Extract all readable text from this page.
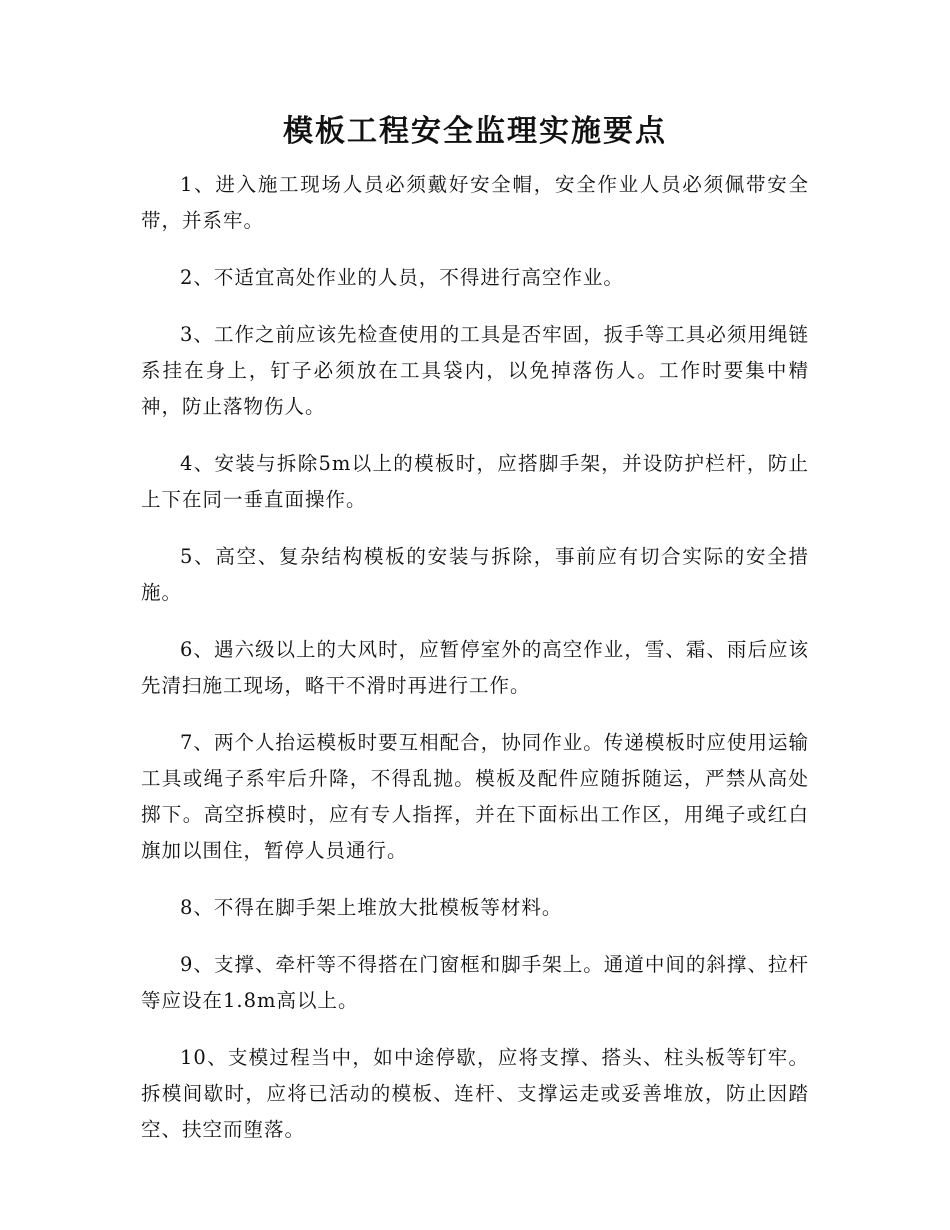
模板工程安全监理实施要点

1、进入施工现场人员必须戴好安全帽，安全作业人员必须佩带安全带，并系牢。

2、不适宜高处作业的人员，不得进行高空作业。

3、工作之前应该先检查使用的工具是否牢固，扳手等工具必须用绳链系挂在身上，钉子必须放在工具袋内，以免掉落伤人。工作时要集中精神，防止落物伤人。

4、安装与拆除5m以上的模板时，应搭脚手架，并设防护栏杆，防止上下在同一垂直面操作。

5、高空、复杂结构模板的安装与拆除，事前应有切合实际的安全措施。

6、遇六级以上的大风时，应暂停室外的高空作业，雪、霜、雨后应该先清扫施工现场，略干不滑时再进行工作。

7、两个人抬运模板时要互相配合，协同作业。传递模板时应使用运输工具或绳子系牢后升降，不得乱抛。模板及配件应随拆随运，严禁从高处掷下。高空拆模时，应有专人指挥，并在下面标出工作区，用绳子或红白旗加以围住，暂停人员通行。

8、不得在脚手架上堆放大批模板等材料。

9、支撑、牵杆等不得搭在门窗框和脚手架上。通道中间的斜撑、拉杆等应设在1.8m高以上。

10、支模过程当中，如中途停歇，应将支撑、搭头、柱头板等钉牢。拆模间歇时，应将已活动的模板、连杆、支撑运走或妥善堆放，防止因踏空、扶空而堕落。
